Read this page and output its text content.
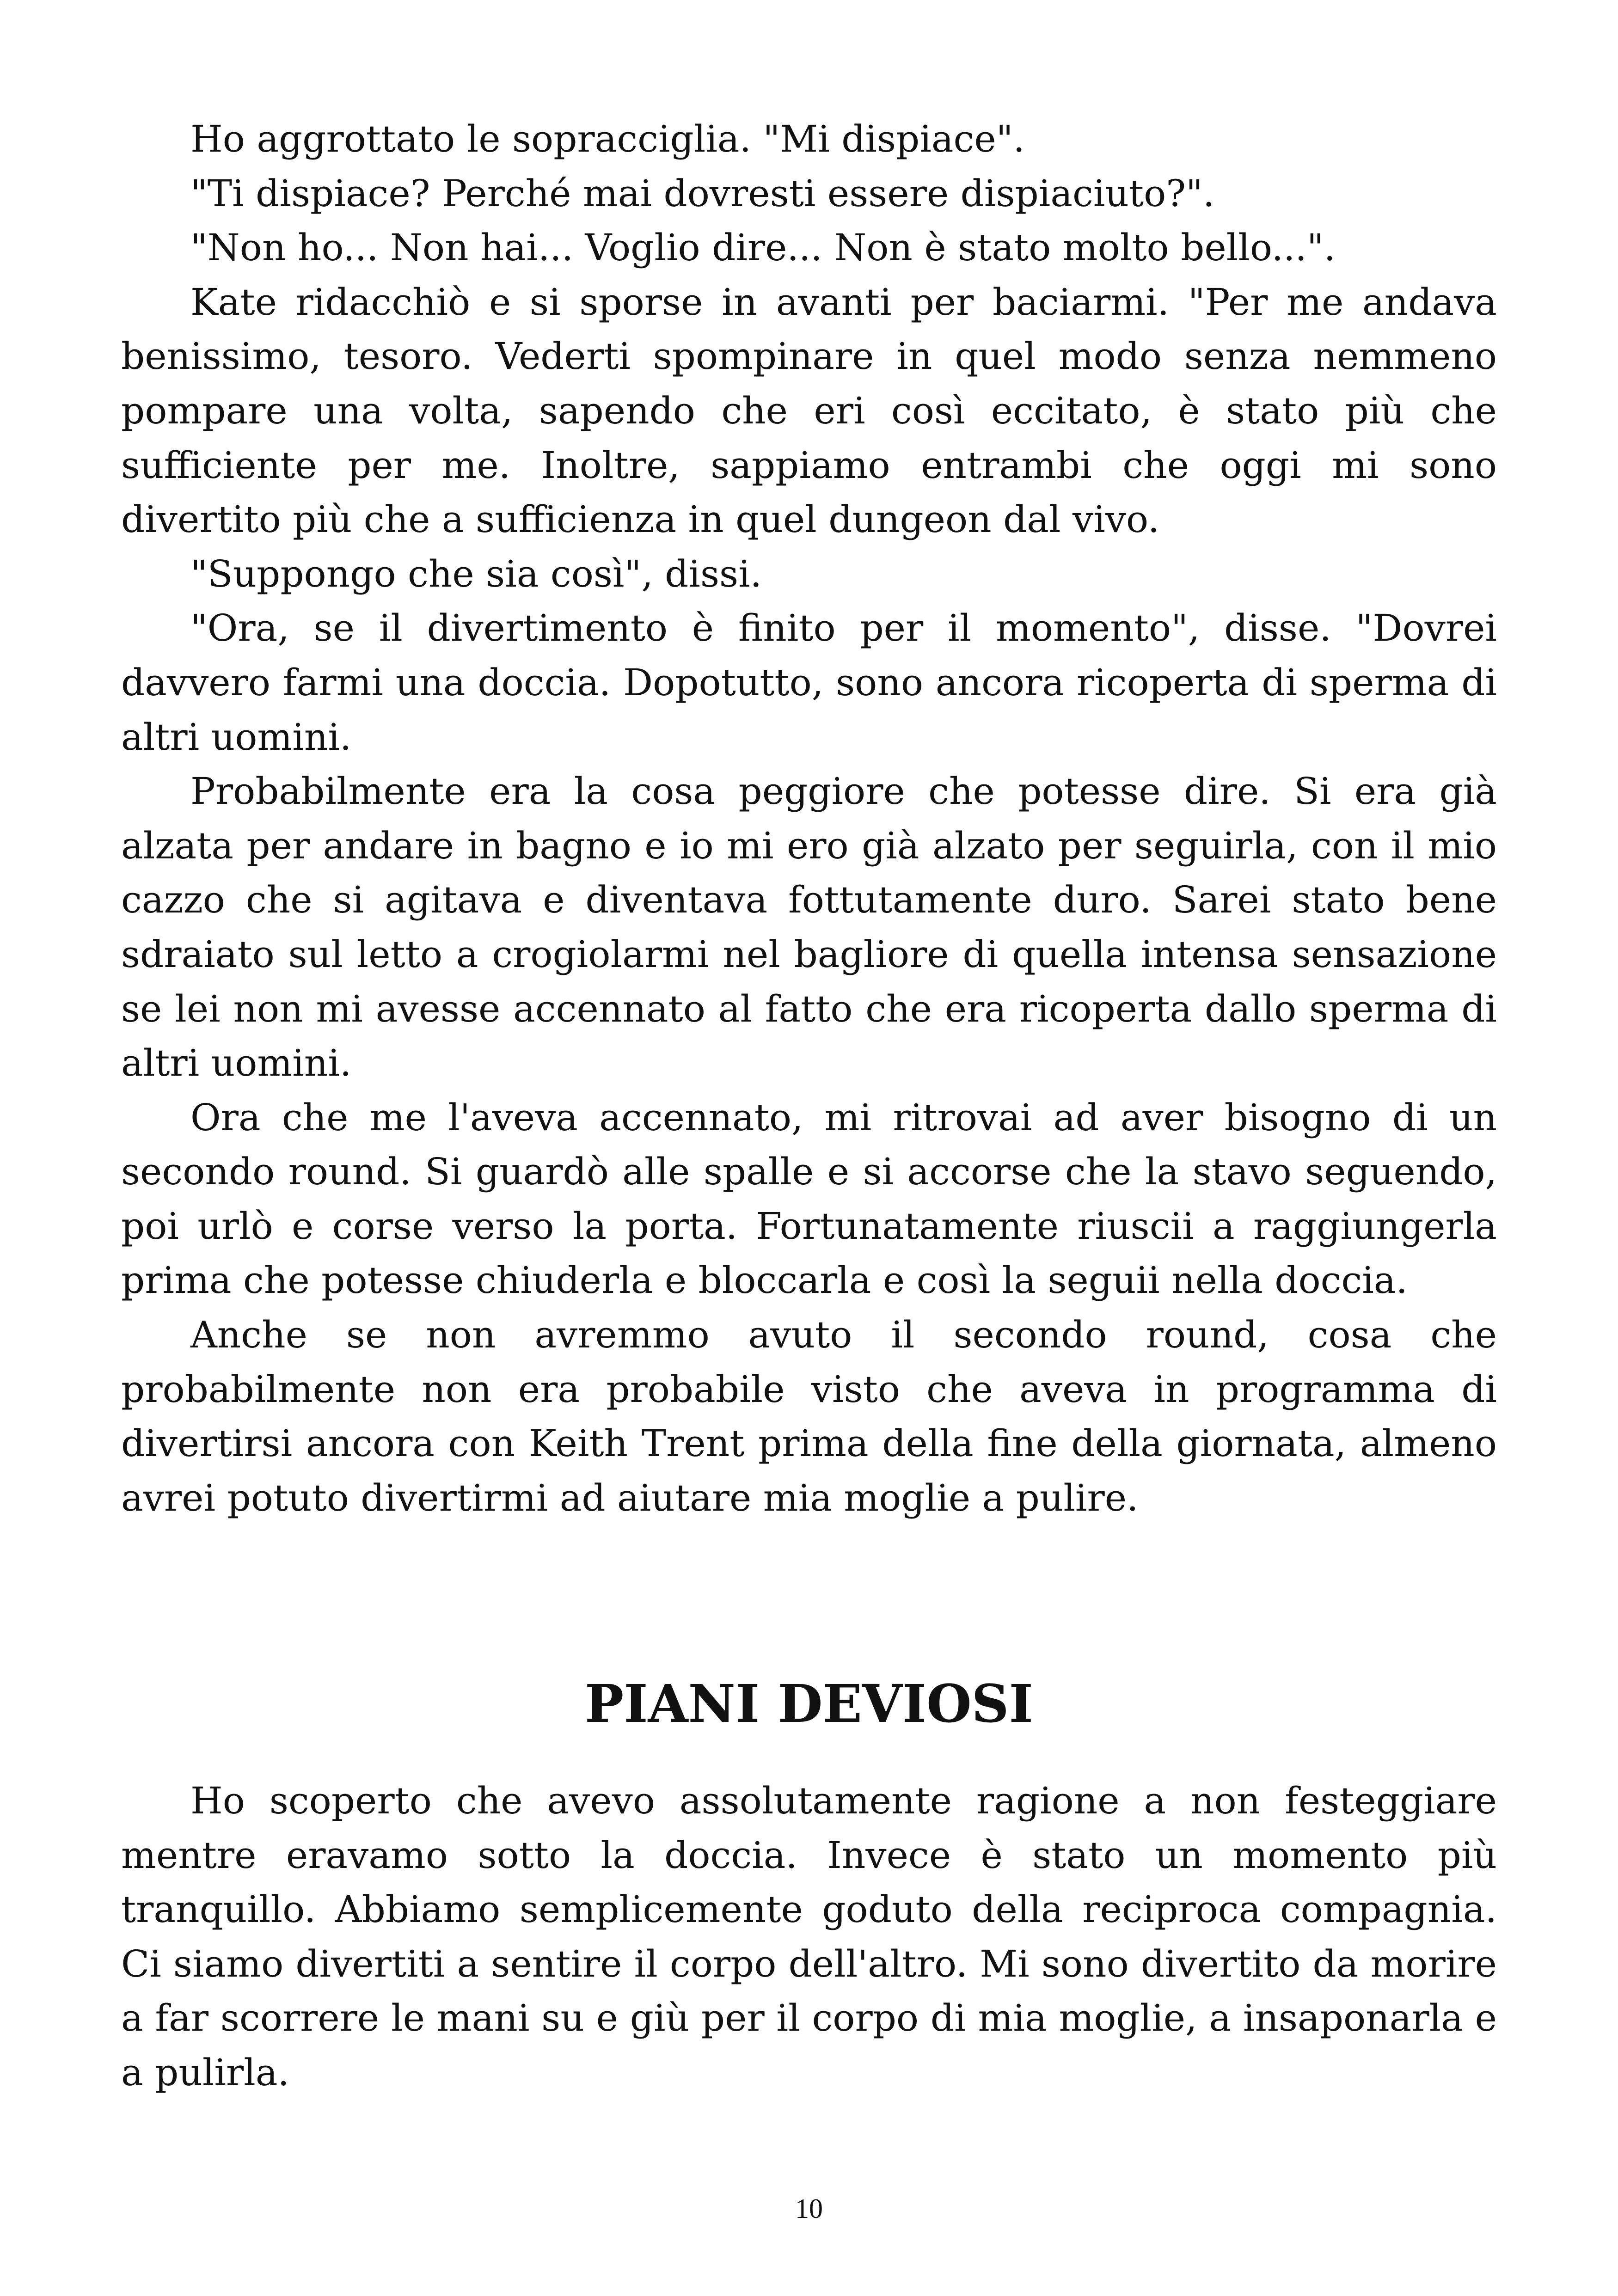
Ho aggrottato le sopracciglia. "Mi dispiace".

"Ti dispiace? Perché mai dovresti essere dispiaciuto?".

"Non ho... Non hai... Voglio dire... Non è stato molto bello...".

Kate ridacchiò e si sporse in avanti per baciarmi. "Per me andava benissimo, tesoro. Vederti spompinare in quel modo senza nemmeno pompare una volta, sapendo che eri così eccitato, è stato più che sufficiente per me. Inoltre, sappiamo entrambi che oggi mi sono divertito più che a sufficienza in quel dungeon dal vivo.

"Suppongo che sia così", dissi.

"Ora, se il divertimento è finito per il momento", disse. "Dovrei davvero farmi una doccia. Dopotutto, sono ancora ricoperta di sperma di altri uomini.

Probabilmente era la cosa peggiore che potesse dire. Si era già alzata per andare in bagno e io mi ero già alzato per seguirla, con il mio cazzo che si agitava e diventava fottutamente duro. Sarei stato bene sdraiato sul letto a crogiolarmi nel bagliore di quella intensa sensazione se lei non mi avesse accennato al fatto che era ricoperta dallo sperma di altri uomini.

Ora che me l'aveva accennato, mi ritrovai ad aver bisogno di un secondo round. Si guardò alle spalle e si accorse che la stavo seguendo, poi urlò e corse verso la porta. Fortunatamente riuscii a raggiungerla prima che potesse chiuderla e bloccarla e così la seguii nella doccia.

Anche se non avremmo avuto il secondo round, cosa che probabilmente non era probabile visto che aveva in programma di divertirsi ancora con Keith Trent prima della fine della giornata, almeno avrei potuto divertirmi ad aiutare mia moglie a pulire.

PIANI DEVIOSI

Ho scoperto che avevo assolutamente ragione a non festeggiare mentre eravamo sotto la doccia. Invece è stato un momento più tranquillo. Abbiamo semplicemente goduto della reciproca compagnia. Ci siamo divertiti a sentire il corpo dell'altro. Mi sono divertito da morire a far scorrere le mani su e giù per il corpo di mia moglie, a insaponarla e a pulirla.

10
